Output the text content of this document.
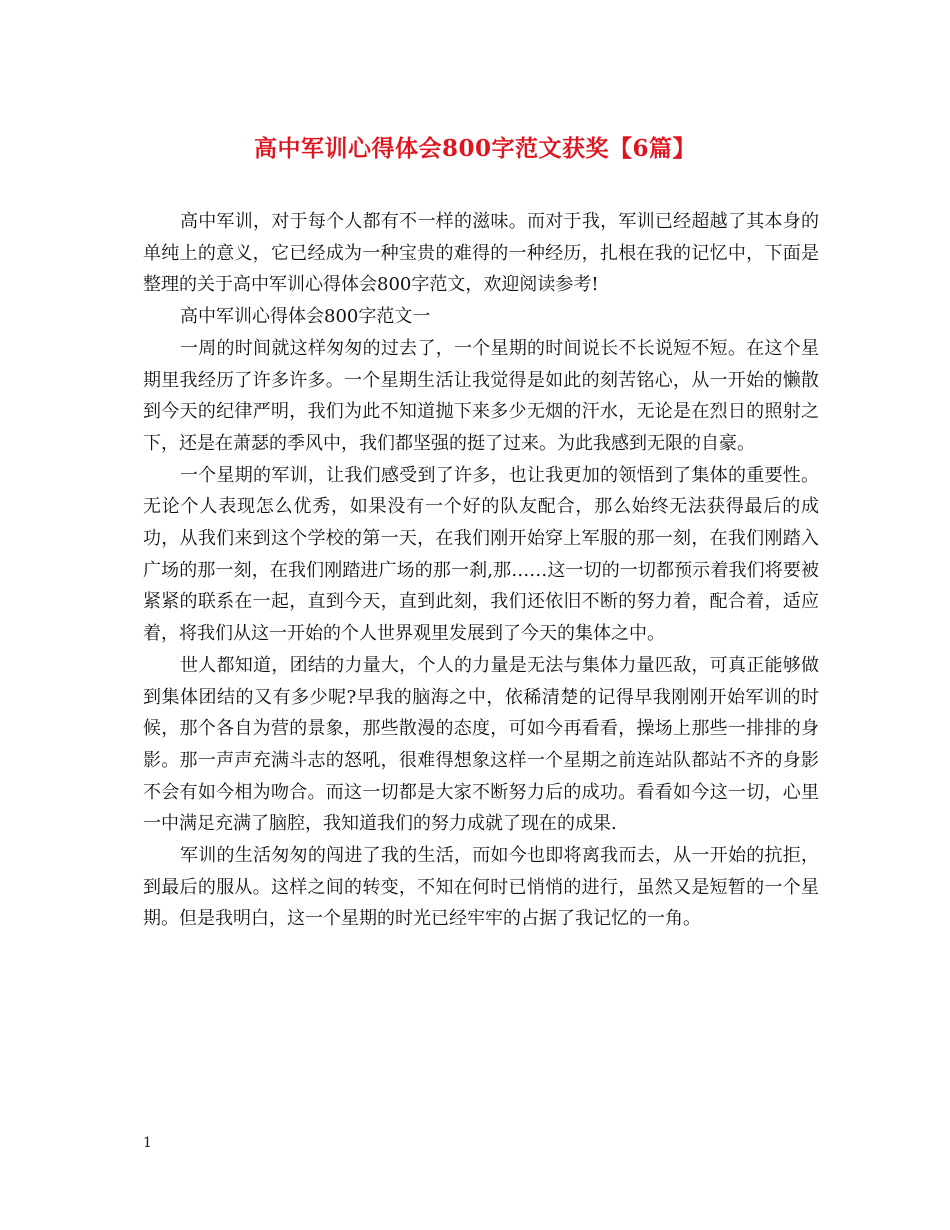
高中军训心得体会800字范文获奖【6篇】

高中军训，对于每个人都有不一样的滋味。而对于我，军训已经超越了其本身的单纯上的意义，它已经成为一种宝贵的难得的一种经历，扎根在我的记忆中，下面是整理的关于高中军训心得体会800字范文，欢迎阅读参考!

高中军训心得体会800字范文一

一周的时间就这样匆匆的过去了，一个星期的时间说长不长说短不短。在这个星期里我经历了许多许多。一个星期生活让我觉得是如此的刻苦铭心，从一开始的懒散到今天的纪律严明，我们为此不知道抛下来多少无烟的汗水，无论是在烈日的照射之下，还是在萧瑟的季风中，我们都坚强的挺了过来。为此我感到无限的自豪。

一个星期的军训，让我们感受到了许多，也让我更加的领悟到了集体的重要性。无论个人表现怎么优秀，如果没有一个好的队友配合，那么始终无法获得最后的成功，从我们来到这个学校的第一天，在我们刚开始穿上军服的那一刻，在我们刚踏入广场的那一刻，在我们刚踏进广场的那一刹,那……这一切的一切都预示着我们将要被紧紧的联系在一起，直到今天，直到此刻，我们还依旧不断的努力着，配合着，适应着，将我们从这一开始的个人世界观里发展到了今天的集体之中。

世人都知道，团结的力量大，个人的力量是无法与集体力量匹敌，可真正能够做到集体团结的又有多少呢?早我的脑海之中，依稀清楚的记得早我刚刚开始军训的时候，那个各自为营的景象，那些散漫的态度，可如今再看看，操场上那些一排排的身影。那一声声充满斗志的怒吼，很难得想象这样一个星期之前连站队都站不齐的身影不会有如今相为吻合。而这一切都是大家不断努力后的成功。看看如今这一切，心里一中满足充满了脑腔，我知道我们的努力成就了现在的成果.

军训的生活匆匆的闯进了我的生活，而如今也即将离我而去，从一开始的抗拒，到最后的服从。这样之间的转变，不知在何时已悄悄的进行，虽然又是短暂的一个星期。但是我明白，这一个星期的时光已经牢牢的占据了我记忆的一角。

1
